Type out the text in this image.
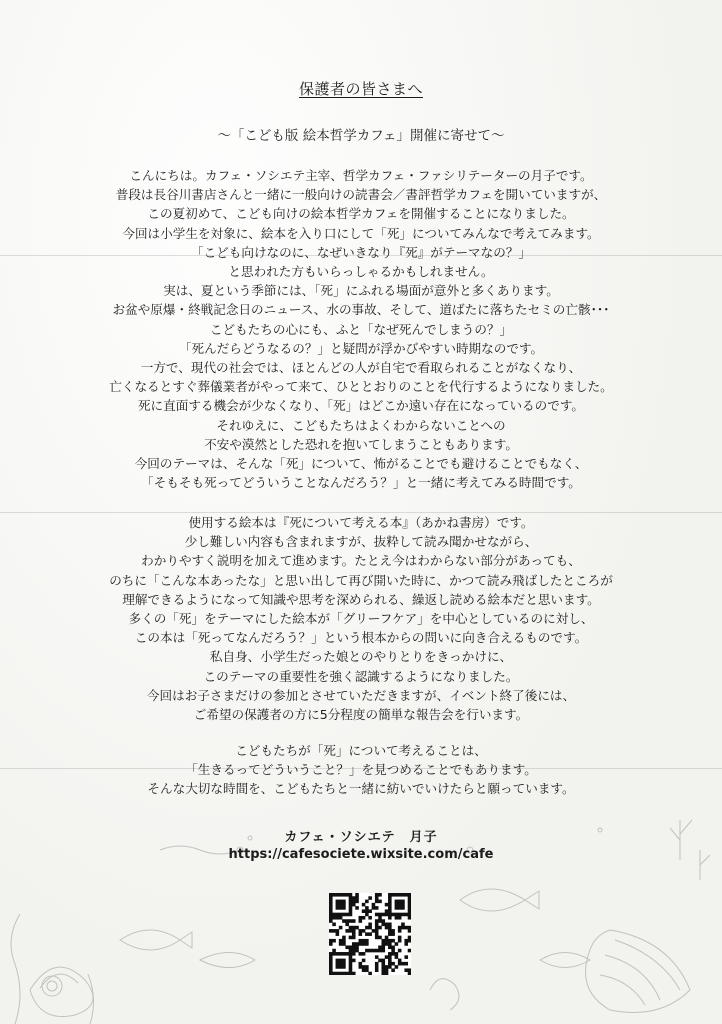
保護者の皆さまへ
～「こども版 絵本哲学カフェ」開催に寄せて～
こんにちは。カフェ・ソシエテ主宰、哲学カフェ・ファシリテーターの月子です。
普段は長谷川書店さんと一緒に一般向けの読書会／書評哲学カフェを開いていますが、
この夏初めて、こども向けの絵本哲学カフェを開催することになりました。
今回は小学生を対象に、絵本を入り口にして「死」についてみんなで考えてみます。
「こども向けなのに、なぜいきなり『死』がテーマなの？」
と思われた方もいらっしゃるかもしれません。
実は、夏という季節には、「死」にふれる場面が意外と多くあります。
お盆や原爆・終戦記念日のニュース、水の事故、そして、道ばたに落ちたセミの亡骸･･･
こどもたちの心にも、ふと「なぜ死んでしまうの？」
「死んだらどうなるの？」と疑問が浮かびやすい時期なのです。
一方で、現代の社会では、ほとんどの人が自宅で看取られることがなくなり、
亡くなるとすぐ葬儀業者がやって来て、ひととおりのことを代行するようになりました。
死に直面する機会が少なくなり、「死」はどこか遠い存在になっているのです。
それゆえに、こどもたちはよくわからないことへの
不安や漠然とした恐れを抱いてしまうこともあります。
今回のテーマは、そんな「死」について、怖がることでも避けることでもなく、
「そもそも死ってどういうことなんだろう？」と一緒に考えてみる時間です。
使用する絵本は『死について考える本』（あかね書房）です。
少し難しい内容も含まれますが、抜粋して読み聞かせながら、
わかりやすく説明を加えて進めます。たとえ今はわからない部分があっても、
のちに「こんな本あったな」と思い出して再び開いた時に、かつて読み飛ばしたところが
理解できるようになって知識や思考を深められる、繰返し読める絵本だと思います。
多くの「死」をテーマにした絵本が「グリーフケア」を中心としているのに対し、
この本は「死ってなんだろう？」という根本からの問いに向き合えるものです。
私自身、小学生だった娘とのやりとりをきっかけに、
このテーマの重要性を強く認識するようになりました。
今回はお子さまだけの参加とさせていただきますが、イベント終了後には、
ご希望の保護者の方に5分程度の簡単な報告会を行います。
こどもたちが「死」について考えることは、
「生きるってどういうこと？」を見つめることでもあります。
そんな大切な時間を、こどもたちと一緒に紡いでいけたらと願っています。
カフェ・ソシエテ　月子
https://cafesociete.wixsite.com/cafe
